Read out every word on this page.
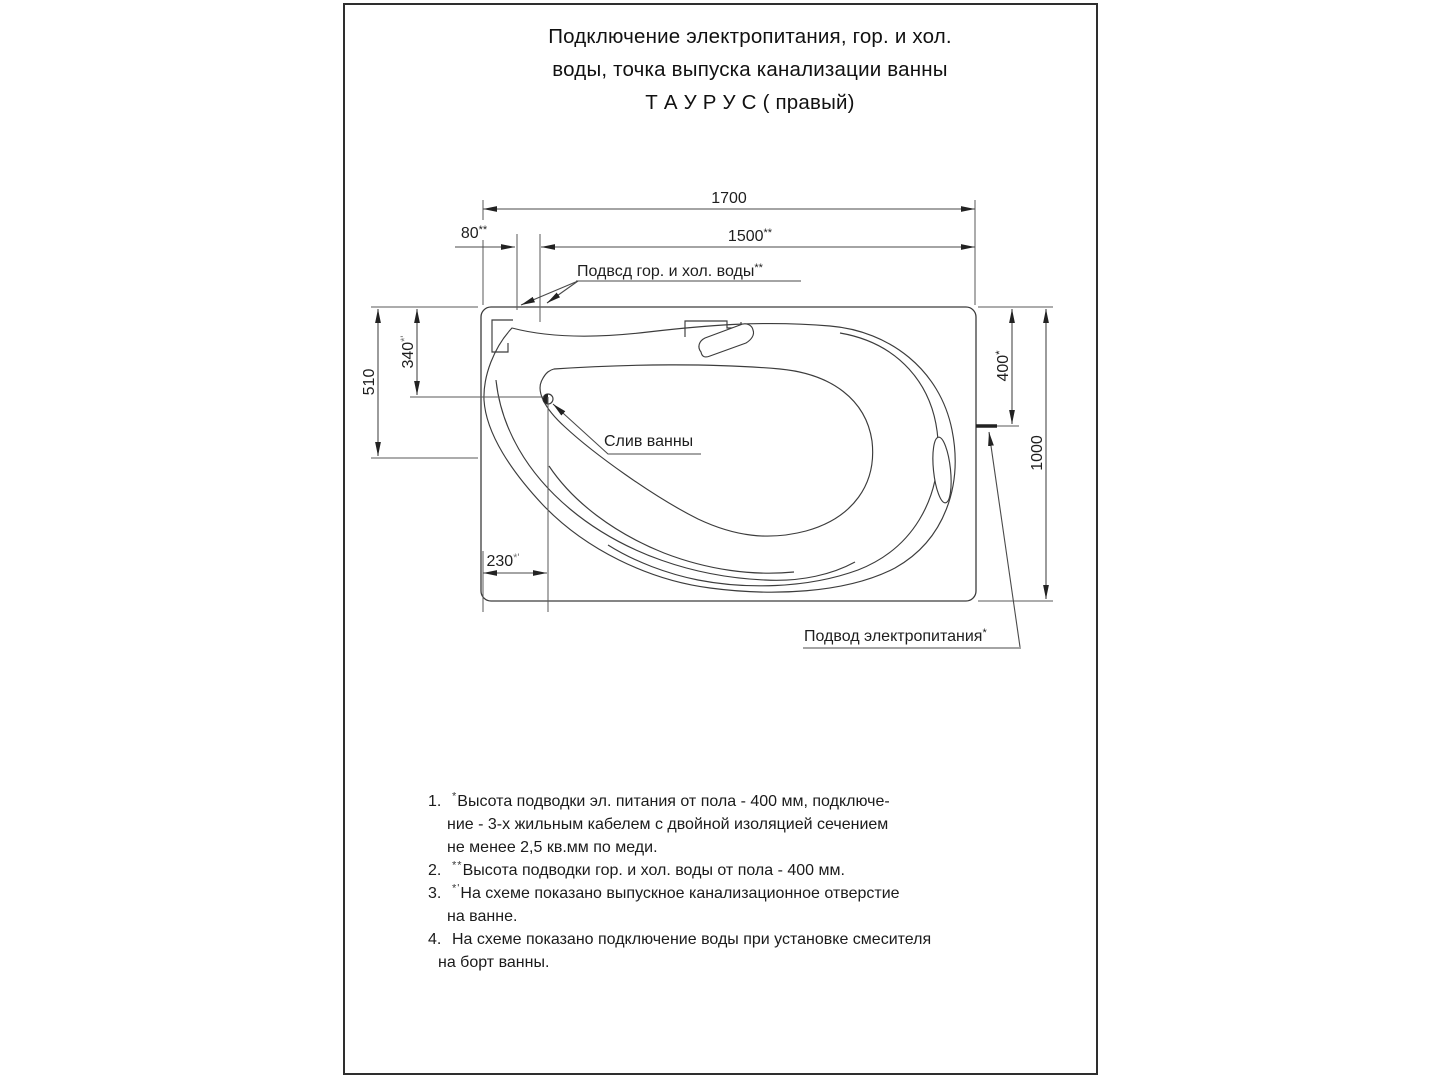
Подключение электропитания, гор. и хол.
воды, точка выпуска канализации ванны
Т А У Р У С ( правый)
1700
1500**
80**
510
340*'
230*'
400*
1000
Подвсд гор. и хол. воды**
Слив ванны
Подвод электропитания*
1. *Высота подводки эл. питания от пола - 400 мм, подключе-
ние - 3-х жильным кабелем с двойной изоляцией сечением
не менее 2,5 кв.мм по меди.
2. **Высота подводки гор. и хол. воды от пола - 400 мм.
3. *'На схеме показано выпускное канализационное отверстие
на ванне.
4. На схеме показано подключение воды при установке смесителя
на борт ванны.
